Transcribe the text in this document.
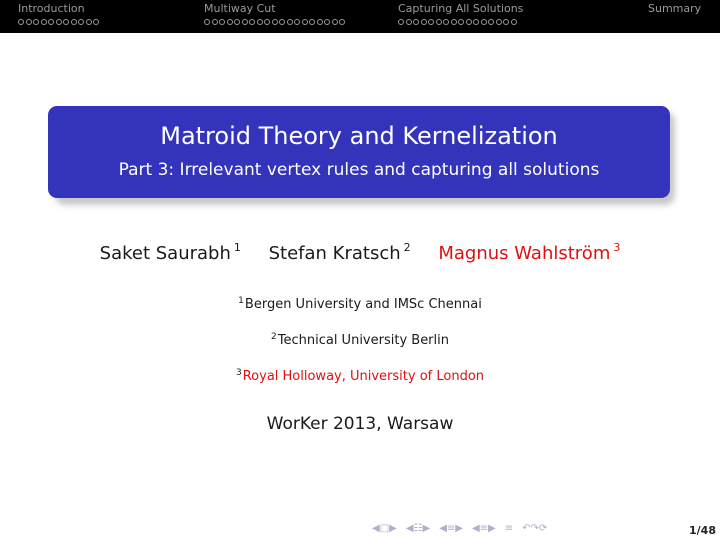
Introduction	Multiway Cut	Capturing All Solutions	Summary
Matroid Theory and Kernelization
Part 3: Irrelevant vertex rules and capturing all solutions
Saket Saurabh $^1$ Stefan Kratsch $^2$ Magnus Wahlström $^3$
$^1$Bergen University and IMSc Chennai
$^2$Technical University Berlin
$^3$Royal Holloway, University of London
WorKer 2013, Warsaw
◀□▶ ◀☷▶ ◀≡▶ ◀≡▶ ≡ ↶↷⟳	1/48
